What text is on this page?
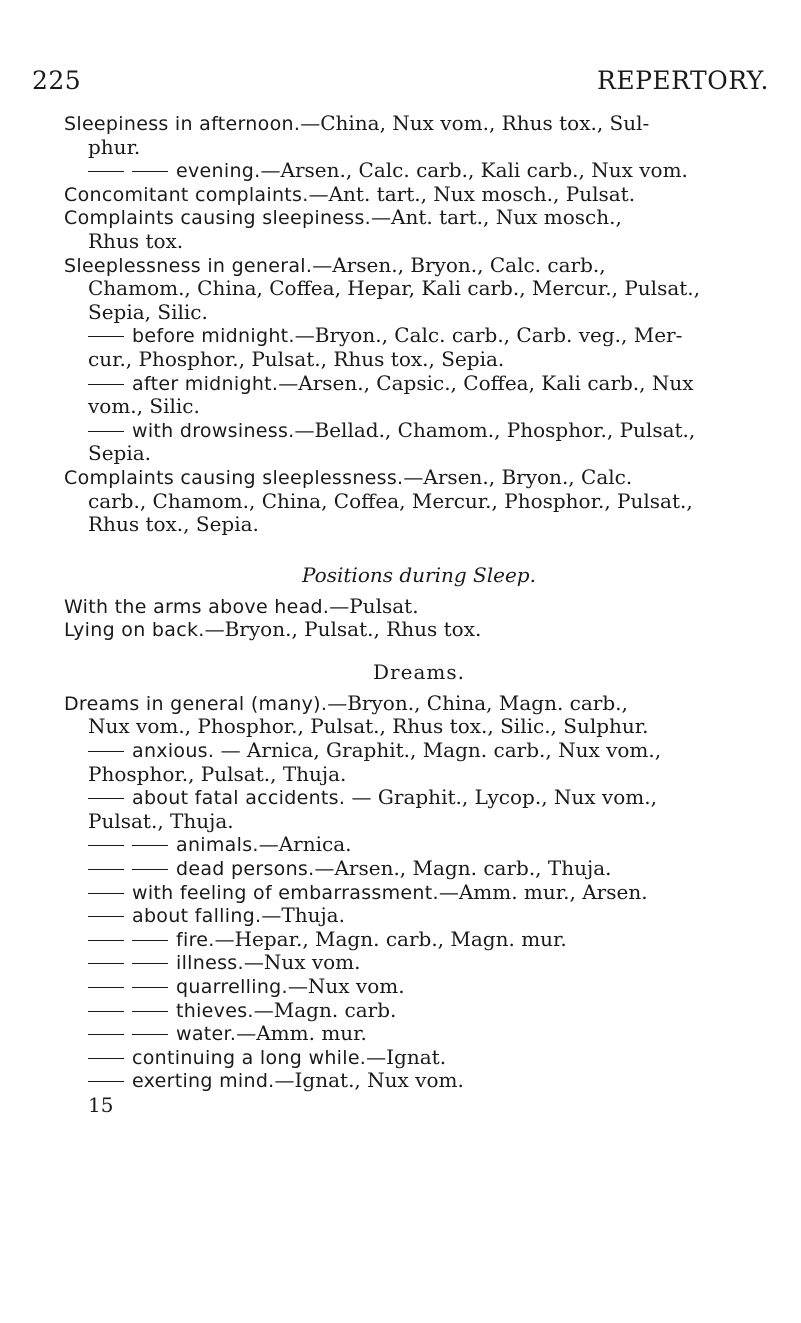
225	REPERTORY.
Sleepiness in afternoon.—China, Nux vom., Rhus tox., Sul-
phur.
evening.—Arsen., Calc. carb., Kali carb., Nux vom.
Concomitant complaints.—Ant. tart., Nux mosch., Pulsat.
Complaints causing sleepiness.—Ant. tart., Nux mosch.,
Rhus tox.
Sleeplessness in general.—Arsen., Bryon., Calc. carb.,
Chamom., China, Coffea, Hepar, Kali carb., Mercur., Pulsat.,
Sepia, Silic.
before midnight.—Bryon., Calc. carb., Carb. veg., Mer-
cur., Phosphor., Pulsat., Rhus tox., Sepia.
after midnight.—Arsen., Capsic., Coffea, Kali carb., Nux
vom., Silic.
with drowsiness.—Bellad., Chamom., Phosphor., Pulsat.,
Sepia.
Complaints causing sleeplessness.—Arsen., Bryon., Calc.
carb., Chamom., China, Coffea, Mercur., Phosphor., Pulsat.,
Rhus tox., Sepia.
Positions during Sleep.
With the arms above head.—Pulsat.
Lying on back.—Bryon., Pulsat., Rhus tox.
Dreams.
Dreams in general (many).—Bryon., China, Magn. carb.,
Nux vom., Phosphor., Pulsat., Rhus tox., Silic., Sulphur.
anxious. — Arnica, Graphit., Magn. carb., Nux vom.,
Phosphor., Pulsat., Thuja.
about fatal accidents. — Graphit., Lycop., Nux vom.,
Pulsat., Thuja.
animals.—Arnica.
dead persons.—Arsen., Magn. carb., Thuja.
with feeling of embarrassment.—Amm. mur., Arsen.
about falling.—Thuja.
fire.—Hepar., Magn. carb., Magn. mur.
illness.—Nux vom.
quarrelling.—Nux vom.
thieves.—Magn. carb.
water.—Amm. mur.
continuing a long while.—Ignat.
exerting mind.—Ignat., Nux vom.
15
